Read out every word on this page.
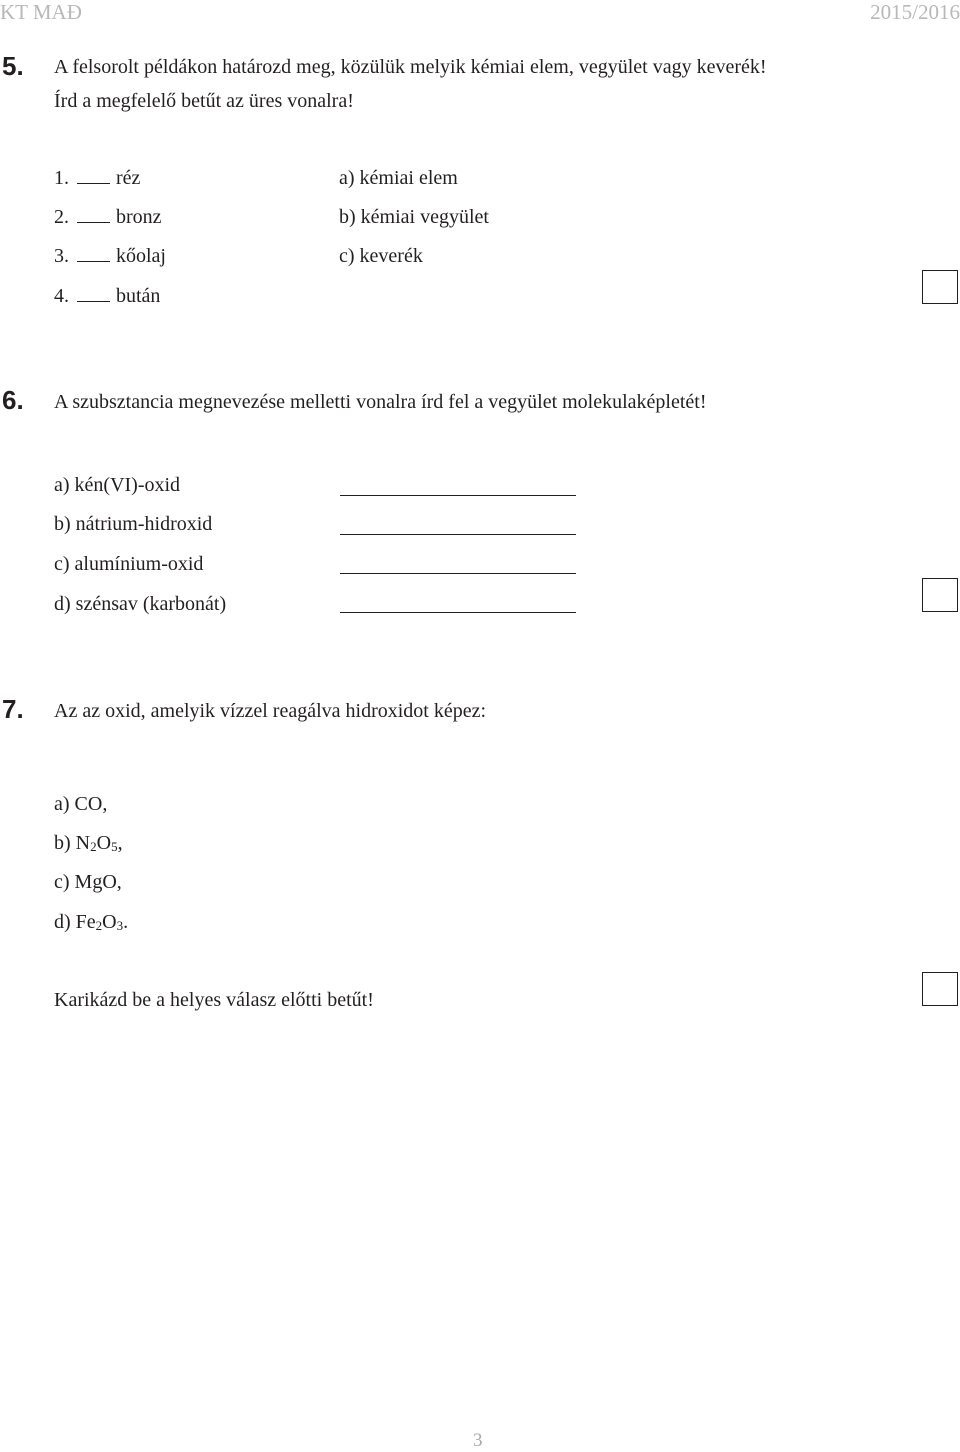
KT MAĐ	2015/2016
5. A felsorolt példákon határozd meg, közülük melyik kémiai elem, vegyület vagy keverék!
Írd a megfelelő betűt az üres vonalra!
1. réz
2. bronz
3. kőolaj
4. bután
a) kémiai elem
b) kémiai vegyület
c) keverék
6. A szubsztancia megnevezése melletti vonalra írd fel a vegyület molekulaképletét!
a) kén(VI)-oxid
b) nátrium-hidroxid
c) alumínium-oxid
d) szénsav (karbonát)
7. Az az oxid, amelyik vízzel reagálva hidroxidot képez:
a) CO,
b) $N_2O_5$,
c) MgO,
d) $Fe_2O_3$.
Karikázd be a helyes válasz előtti betűt!
3
